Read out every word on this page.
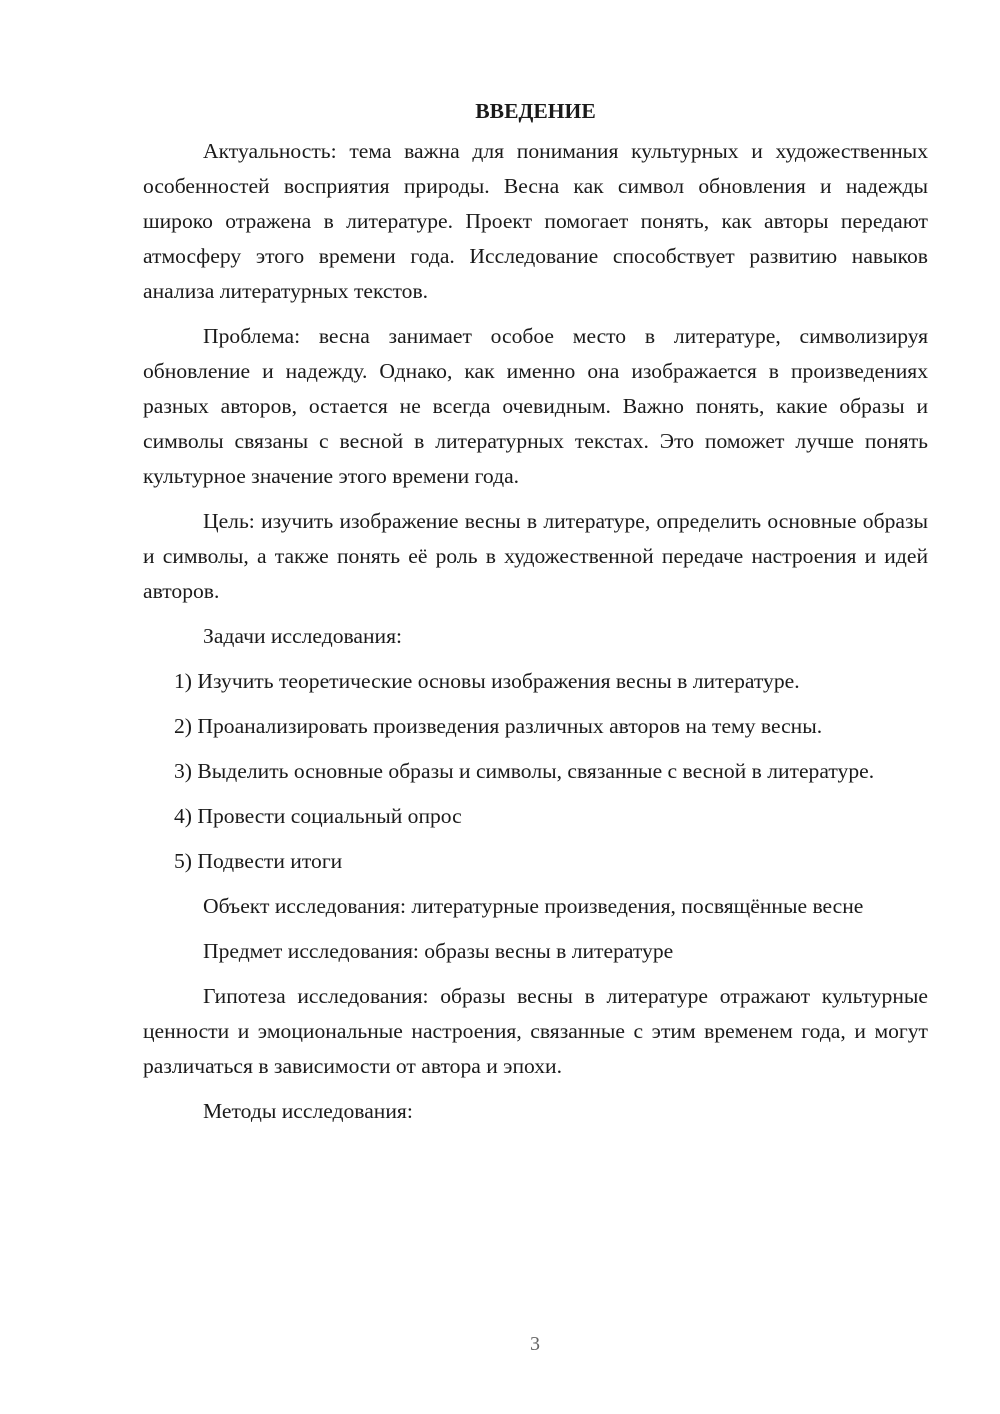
ВВЕДЕНИЕ

Актуальность: тема важна для понимания культурных и художественных особенностей восприятия природы. Весна как символ обновления и надежды широко отражена в литературе. Проект помогает понять, как авторы передают атмосферу этого времени года. Исследование способствует развитию навыков анализа литературных текстов.

Проблема: весна занимает особое место в литературе, символизируя обновление и надежду. Однако, как именно она изображается в произведениях разных авторов, остается не всегда очевидным. Важно понять, какие образы и символы связаны с весной в литературных текстах. Это поможет лучше понять культурное значение этого времени года.

Цель: изучить изображение весны в литературе, определить основные образы и символы, а также понять её роль в художественной передаче настроения и идей авторов.

Задачи исследования:

1) Изучить теоретические основы изображения весны в литературе.

2) Проанализировать произведения различных авторов на тему весны.

3) Выделить основные образы и символы, связанные с весной в литературе.

4) Провести социальный опрос

5) Подвести итоги

Объект исследования: литературные произведения, посвящённые весне

Предмет исследования: образы весны в литературе

Гипотеза исследования: образы весны в литературе отражают культурные ценности и эмоциональные настроения, связанные с этим временем года, и могут различаться в зависимости от автора и эпохи.

Методы исследования:

3
